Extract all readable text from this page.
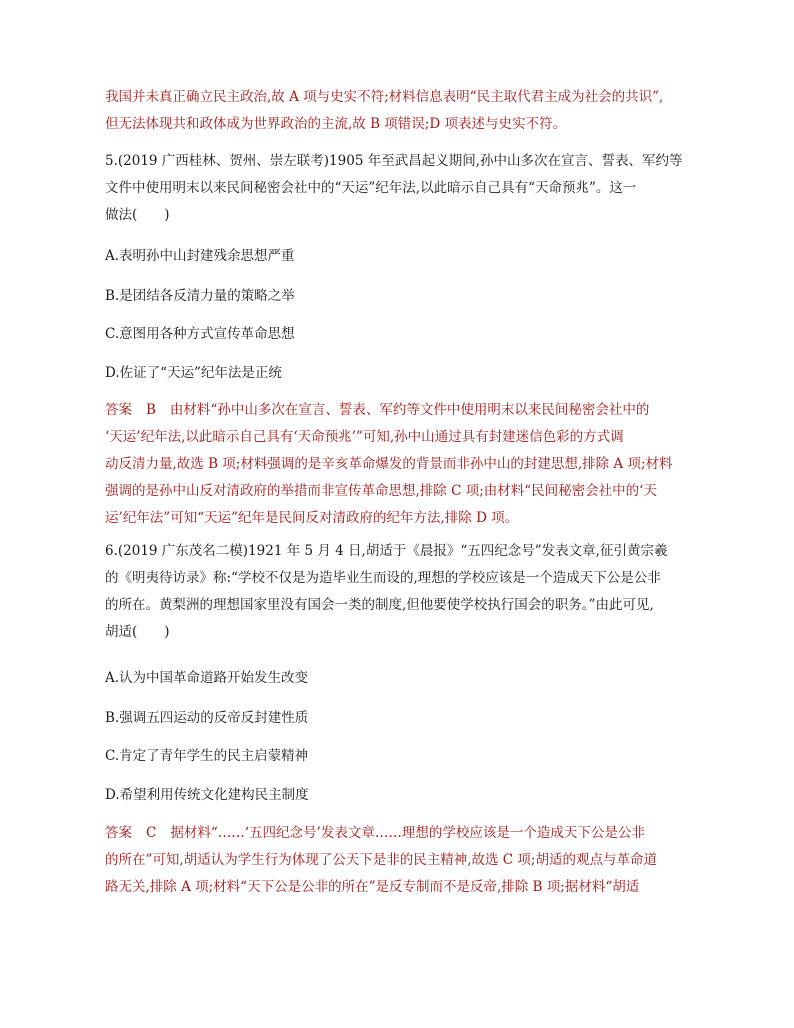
我国并未真正确立民主政治,故 A 项与史实不符;材料信息表明“民主取代君主成为社会的共识”,
但无法体现共和政体成为世界政治的主流,故 B 项错误;D 项表述与史实不符。
5.(2019 广西桂林、贺州、崇左联考)1905 年至武昌起义期间,孙中山多次在宣言、誓表、军约等
文件中使用明末以来民间秘密会社中的“天运”纪年法,以此暗示自己具有“天命预兆”。这一
做法(　　)
A.表明孙中山封建残余思想严重
B.是团结各反清力量的策略之举
C.意图用各种方式宣传革命思想
D.佐证了“天运”纪年法是正统
答案 B 由材料“孙中山多次在宣言、誓表、军约等文件中使用明末以来民间秘密会社中的
‘天运’纪年法,以此暗示自己具有‘天命预兆’”可知,孙中山通过具有封建迷信色彩的方式调
动反清力量,故选 B 项;材料强调的是辛亥革命爆发的背景而非孙中山的封建思想,排除 A 项;材料
强调的是孙中山反对清政府的举措而非宣传革命思想,排除 C 项;由材料“民间秘密会社中的‘天
运’纪年法”可知“天运”纪年是民间反对清政府的纪年方法,排除 D 项。
6.(2019 广东茂名二模)1921 年 5 月 4 日,胡适于《晨报》“五四纪念号”发表文章,征引黄宗羲
的《明夷待访录》称:“学校不仅是为造毕业生而设的,理想的学校应该是一个造成天下公是公非
的所在。黄梨洲的理想国家里没有国会一类的制度,但他要使学校执行国会的职务。”由此可见,
胡适(　　)
A.认为中国革命道路开始发生改变
B.强调五四运动的反帝反封建性质
C.肯定了青年学生的民主启蒙精神
D.希望利用传统文化建构民主制度
答案 C 据材料“……‘五四纪念号’发表文章……理想的学校应该是一个造成天下公是公非
的所在”可知,胡适认为学生行为体现了公天下是非的民主精神,故选 C 项;胡适的观点与革命道
路无关,排除 A 项;材料“天下公是公非的所在”是反专制而不是反帝,排除 B 项;据材料“胡适
